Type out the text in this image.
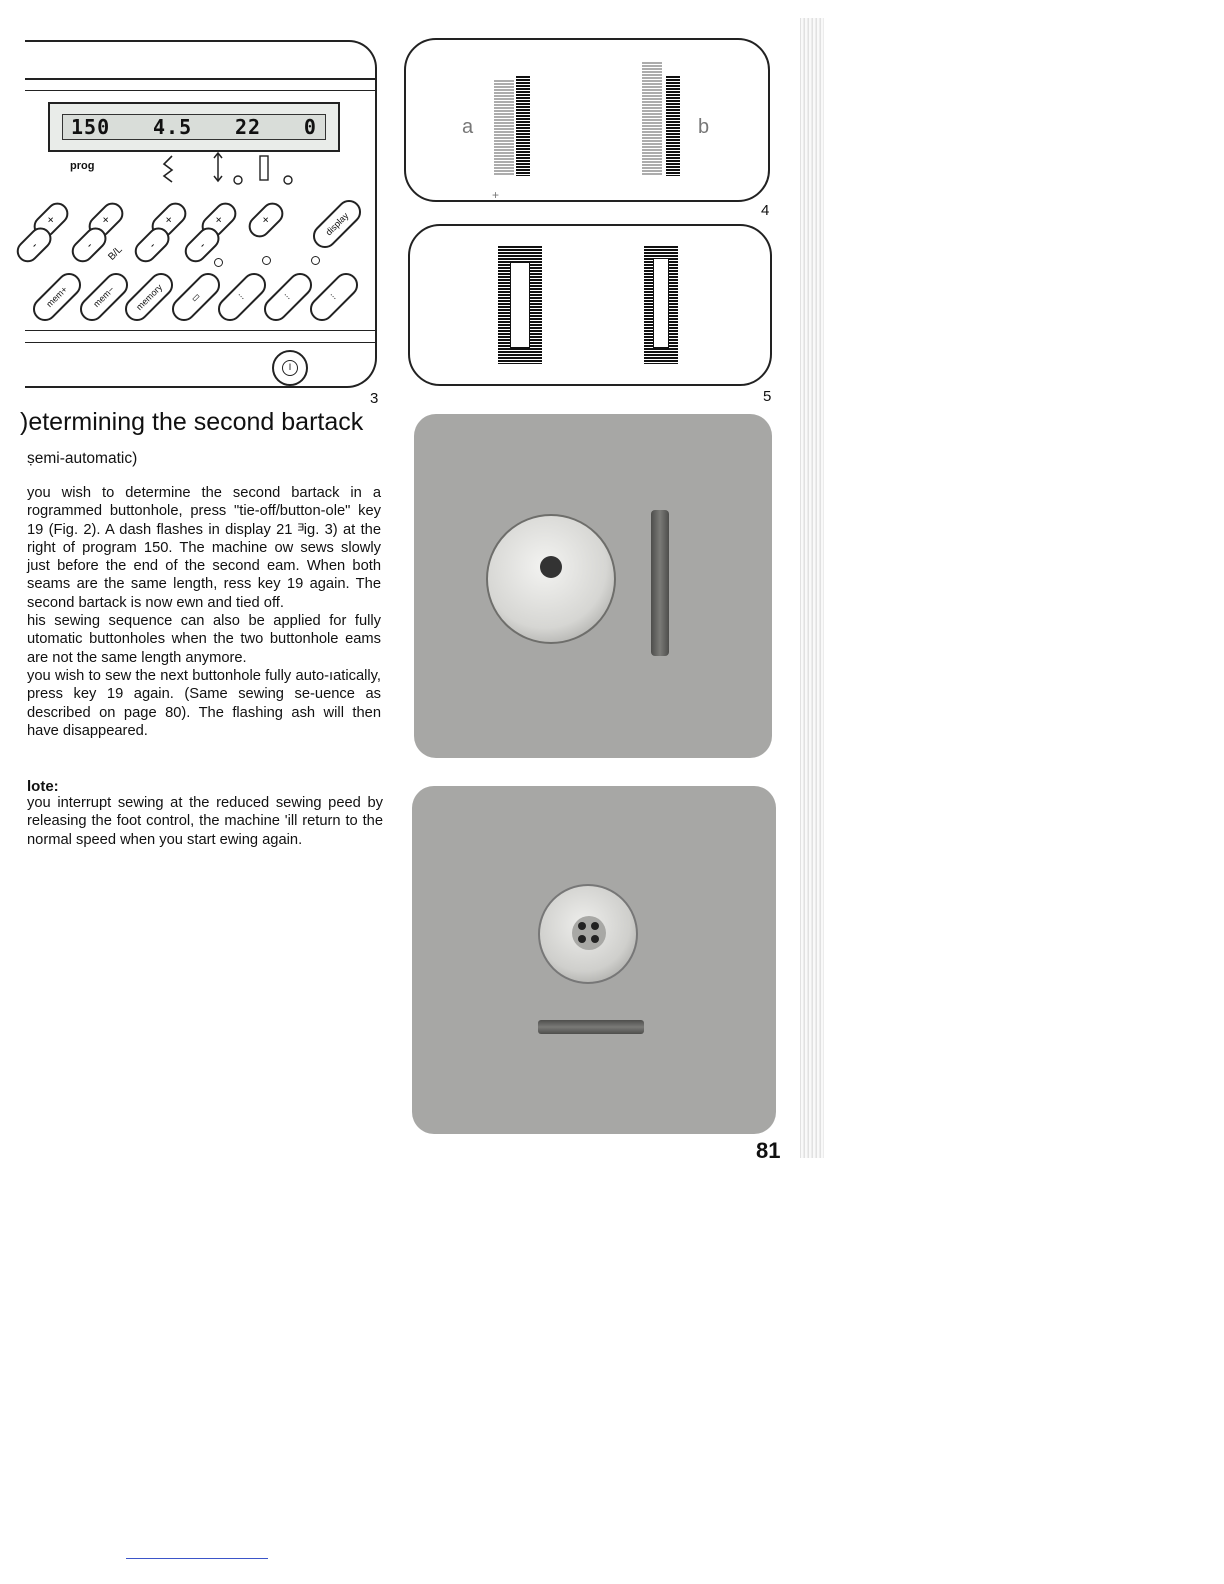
150 4.5 22 0
prog
+
-
+
-
+
-
+
-
+	display
mem+ mem−
B/L
memory	▭	⫶	⫶	⫶
I
3
a
+
b
4
5
)etermining the second bartack
ṣemi-automatic)

you wish to determine the second bartack in a rogrammed buttonhole, press "tie-off/button-ole" key 19 (Fig. 2). A dash flashes in display 21 ᴲig. 3) at the right of program 150. The machine ow sews slowly just before the end of the second eam. When both seams are the same length, ress key 19 again. The second bartack is now ewn and tied off.

his sewing sequence can also be applied for fully utomatic buttonholes when the two buttonhole eams are not the same length anymore.

you wish to sew the next buttonhole fully auto-ıatically, press key 19 again. (Same sewing se-uence as described on page 80). The flashing ash will then have disappeared.

lote:
you interrupt sewing at the reduced sewing peed by releasing the foot control, the machine 'ill return to the normal speed when you start ewing again.
81
